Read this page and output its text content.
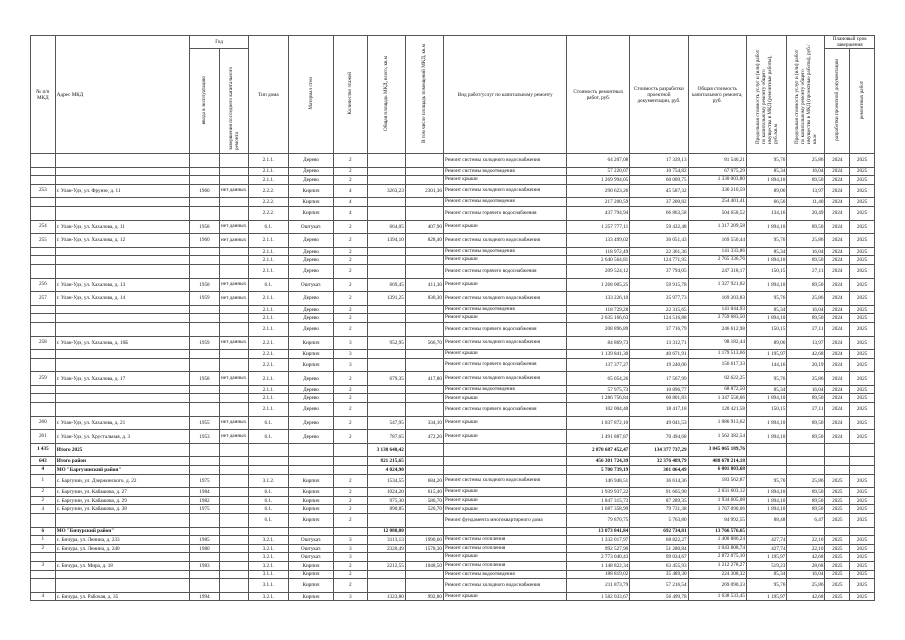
№ п/п МКД	Адрес МКД	Год		Тип дома	Материал стен	Количество этажей	Общая площадь МКД, всего, кв.м	В том числе площадь помещений МКД, кв.м	Вид работ/услуг по капитальному ремонту	Стоимость ремонтных работ, руб.	Стоимость разработки проектной документации, руб.	Общая стоимость капитального ремонта, руб.	Предельная стоимость услуг и (или) работ по капитальному ремонту общего имущества в МКД (ремонтные работы), руб./кв.м	Предельная стоимость услуг и (или) работ по капитальному ремонту общего имущества в МКД (проектные работы), руб./кв.м	Плановый срок завершения	
		ввода в эксплуатацию	завершения последнего капитального ремонта												разработки проектной документации	ремонтных работ
				2.1.1.	Дерево	2			Ремонт системы холодного водоснабжения	64 207,08	17 339,13	81 546,21	95,76	25,86	2024	2025
				2.1.1.	Дерево	2			Ремонт системы водоотведения	57 220,07	10 754,82	67 975,29	85,34	16,04	2024	2025
				2.1.1.	Дерево	2			Ремонт крыши	1 269 994,05	60 009,75	1 330 003,80	1 894,10	89,50	2024	2025
253	г. Улан-Удэ, ул. Фрунзе, д. 11	1960	нет данных	2.2.2.	Кирпич	4	3263,23	2301,36	Ремонт системы холодного водоснабжения	290 623,26	45 587,32	336 210,59	89,06	13,97	2024	2025
				2.2.2.	Кирпич	4			Ремонт системы водоотведения	217 200,59	37 200,82	254 401,41	66,56	11,40	2024	2025
				2.2.2.	Кирпич	4			Ремонт системы горячего водоснабжения	437 794,94	66 863,58	504 658,52	134,16	20,49	2024	2025
254	г. Улан-Удэ, ул. Хахалова, д. 11	1958	нет данных	6.1.	Оштукат.	2	664,05	407,90	Ремонт крыши	1 257 777,11	59 432,48	1 317 209,58	1 894,10	89,50	2024	2025
255	г. Улан-Удэ, ул. Хахалова, д. 12	1960	нет данных	2.1.1.	Дерево	2	1394,10	828,40	Ремонт системы холодного водоснабжения	133 499,02	36 051,43	169 550,44	95,76	25,86	2024	2025
				2.1.1.	Дерево	2			Ремонт системы водоотведения	118 972,49	22 361,36	141 333,86	85,34	16,04	2024	2025
				2.1.1.	Дерево	2			Ремонт крыши	2 640 564,81	124 771,95	2 765 336,76	1 894,10	89,50	2024	2025
				2.1.1.	Дерево	2			Ремонт системы горячего водоснабжения	209 524,12	37 794,05	247 318,17	150,15	27,11	2024	2025
256	г. Улан-Удэ, ул. Хахалова, д. 13	1958	нет данных	6.1.	Оштукат.	2	669,45	411,30	Ремонт крыши	1 268 005,25	59 915,78	1 327 921,02	1 894,10	89,50	2024	2025
257	г. Улан-Удэ, ул. Хахалова, д. 14	1959	нет данных	2.1.1.	Дерево	2	1391,25	830,30	Ремонт системы холодного водоснабжения	133 226,10	35 977,73	169 203,83	95,76	25,86	2024	2025
				2.1.1.	Дерево	2			Ремонт системы водоотведения	118 729,28	22 315,65	141 044,93	85,34	16,04	2024	2025
				2.1.1.	Дерево	2			Ремонт крыши	2 635 166,63	124 516,88	2 759 683,50	1 894,10	89,50	2024	2025
				2.1.1.	Дерево	2			Ремонт системы горячего водоснабжения	208 896,89	37 716,79	246 612,98	150,15	27,11	2024	2025
258	г. Улан-Удэ, ул. Хахалова, д. 16Б	1959	нет данных	2.2.1.	Кирпич	3	952,95	566,70	Ремонт системы холодного водоснабжения	84 869,73	13 312,71	98 182,44	89,06	13,97	2024	2025
				2.2.1.	Кирпич	3			Ремонт крыши	1 139 841,30	40 671,91	1 179 513,66	1 195,97	42,68	2024	2025
				2.2.1.	Кирпич	3			Ремонт системы горячего водоснабжения	137 377,27	19 240,06	156 617,33	144,16	20,19	2024	2025
259	г. Улан-Удэ, ул. Хахалова, д. 17	1958	нет данных	2.1.1.	Дерево	2	679,35	417,80	Ремонт системы холодного водоснабжения	65 054,26	17 567,99	82 622,25	95,76	25,86	2024	2025
				2.1.1.	Дерево	2			Ремонт системы водоотведения	57 975,73	10 896,77	68 872,50	85,34	16,04	2024	2025
				2.1.1.	Дерево	2			Ремонт крыши	1 286 756,84	60 801,83	1 347 558,66	1 894,10	89,50	2024	2025
				2.1.1.	Дерево	2			Ремонт системы горячего водоснабжения	102 004,40	18 417,18	120 421,58	150,15	27,11	2024	2025
260	г. Улан-Удэ, ул. Хахалова, д. 21	1955	нет данных	6.1.	Дерево	2	547,95	334,10	Ремонт крыши	1 037 872,10	49 041,53	1 086 913,62	1 894,10	89,50	2024	2025
261	г. Улан-Удэ, ул. Хрустальная, д. 3	1953	нет данных	6.1.	Дерево	2	787,65	472,20	Ремонт крыши	1 491 887,87	70 494,68	1 562 382,54	1 894,10	89,50	2024	2025
1 435	Итого 2025						3 138 640,42			2 870 687 452,47	134 377 737,29	3 045 065 189,76				
643	Итого район						821 215,65			456 301 724,39	32 376 489,79	488 678 214,18				
4	МО "Баргузинский район"						4 024,90			5 700 739,19	301 064,49	6 001 803,68				
1	с. Баргузин, ул. Дзержинского, д. 22	1975		3.1.2.	Кирпич	2	1534,55	684,20	Ремонт системы холодного водоснабжения	146 948,51	36 614,36	183 562,87	95,76	25,86	2025	2025
2	с. Баргузин, ул. Кабашова, д. 27	1984		6.1.	Кирпич	2	1024,20	615,40	Ремонт крыши	1 939 937,22	91 665,90	2 031 603,12	1 894,10	89,50	2025	2025
2	с. Баргузин, ул. Кабашова, д. 29	1982		6.1.	Кирпич	2	975,30	586,70	Ремонт крыши	1 847 315,73	87 289,35	1 934 605,08	1 894,10	89,50	2025	2025
4	с. Баргузин, ул. Кабашова, д. 38	1975		6.1.	Кирпич	2	890,85	526,70	Ремонт крыши	1 687 358,99	79 731,38	1 767 090,06	1 894,10	89,50	2025	2025
				6.1.	Кирпич	2			Ремонт фундамента многоквартирного дома	79 870,75	5 763,80	84 992,55	88,48	6,47	2025	2025
6	МО "Бичурский район"						12 080,80			13 073 841,84	692 734,81	13 766 576,65				
1	с. Бичура, ул. Ленина, д. 233	1985		3.2.1.	Оштукат.	3	3113,13	1990,60	Ремонт системы отопления	1 332 017,97	68 822,27	1 400 886,24	427,74	22,10	2025	2025
2	с. Бичура, ул. Ленина, д. 240	1980		3.2.1.	Оштукат.	3	2320,49	1578,30	Ремонт системы отопления	992 527,90	51 280,84	1 043 808,74	427,74	22,10	2025	2025
				3.2.1.	Оштукат.	3			Ремонт крыши	2 773 040,43	99 034,67	2 872 075,10	1 195,97	42,68	2025	2025
3	с. Бичура, ул. Мира, д. 18	1983		3.2.1.	Кирпич	2	2212,55	1048,50	Ремонт системы отопления	1 148 822,34	63 455,93	1 212 278,27	519,23	28,68	2025	2025
				3.1.1.	Кирпич	2			Ремонт системы водоотведения	188 819,02	35 489,30	224 308,32	85,34	16,04	2025	2025
				3.1.1.	Кирпич	2			Ремонт системы холодного водоснабжения	211 873,79	57 216,54	269 090,33	95,76	25,86	2025	2025
4	с. Бичура, ул. Рабочая, д. 35	1994		3.2.1.	Кирпич	3	1323,80	992,80	Ремонт крыши	1 582 033,67	56 499,78	1 638 533,45	1 195,97	42,68	2025	2025
